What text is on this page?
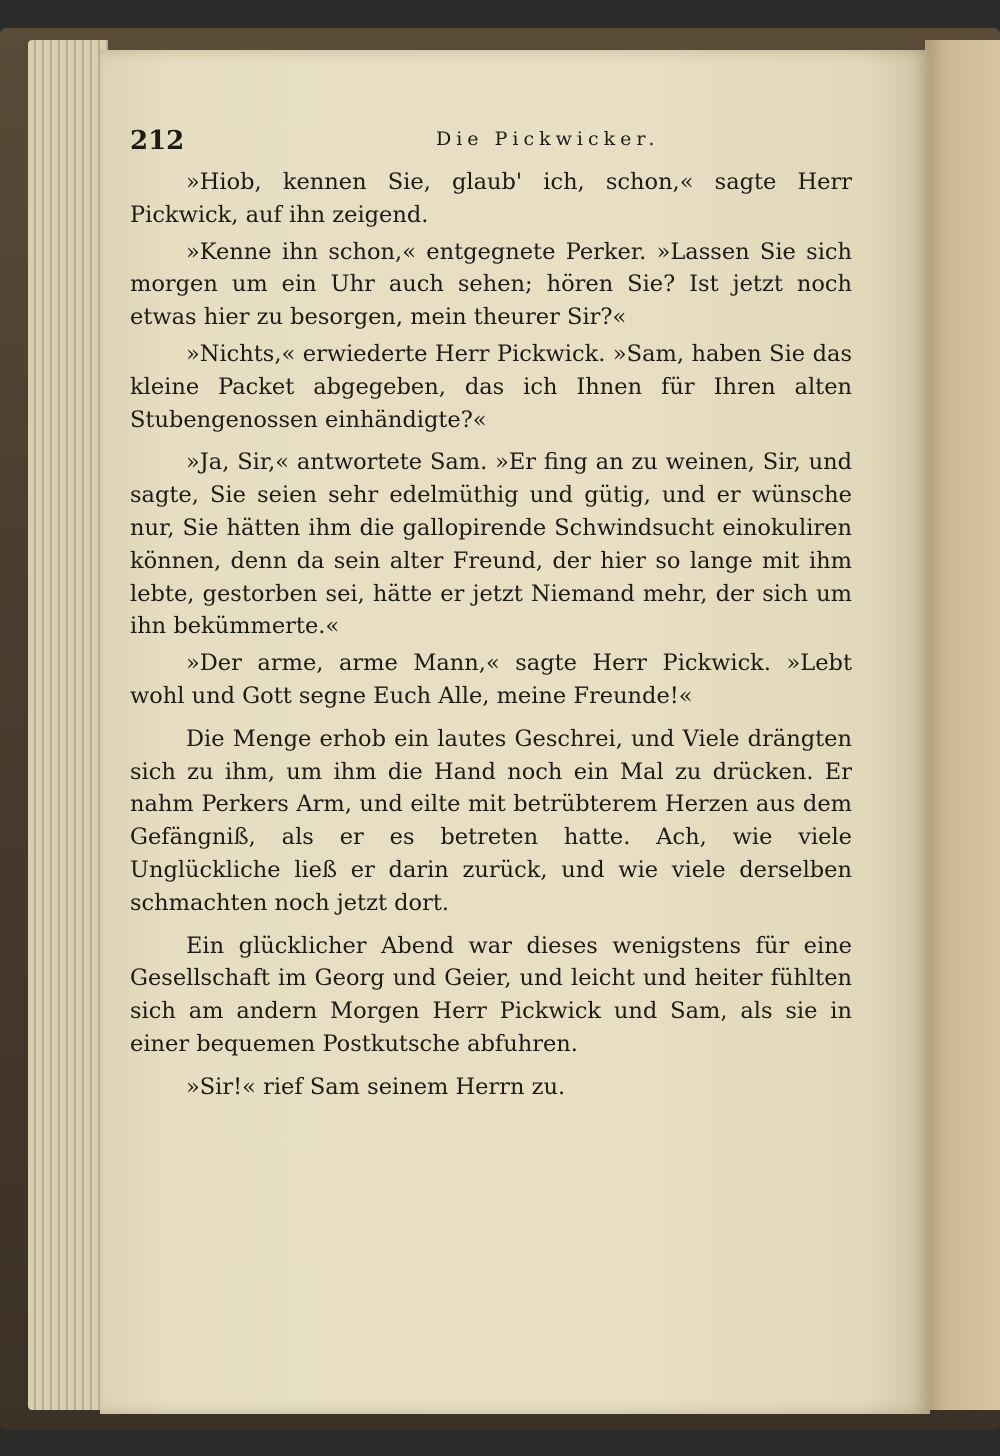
212	Die Pickwicker.

»Hiob, kennen Sie, glaub' ich, schon,« sagte Herr Pickwick, auf ihn zeigend.

»Kenne ihn schon,« entgegnete Perker. »Lassen Sie sich morgen um ein Uhr auch sehen; hören Sie? Ist jetzt noch etwas hier zu besorgen, mein theurer Sir?«

»Nichts,« erwiederte Herr Pickwick. »Sam, haben Sie das kleine Packet abgegeben, das ich Ihnen für Ihren alten Stubengenossen einhändigte?«

»Ja, Sir,« antwortete Sam. »Er fing an zu weinen, Sir, und sagte, Sie seien sehr edelmüthig und gütig, und er wünsche nur, Sie hätten ihm die gallopirende Schwindsucht einokuliren können, denn da sein alter Freund, der hier so lange mit ihm lebte, gestorben sei, hätte er jetzt Niemand mehr, der sich um ihn bekümmerte.«

»Der arme, arme Mann,« sagte Herr Pickwick. »Lebt wohl und Gott segne Euch Alle, meine Freunde!«

Die Menge erhob ein lautes Geschrei, und Viele drängten sich zu ihm, um ihm die Hand noch ein Mal zu drücken. Er nahm Perkers Arm, und eilte mit betrübterem Herzen aus dem Gefängniß, als er es betreten hatte. Ach, wie viele Unglückliche ließ er darin zurück, und wie viele derselben schmachten noch jetzt dort.

Ein glücklicher Abend war dieses wenigstens für eine Gesellschaft im Georg und Geier, und leicht und heiter fühlten sich am andern Morgen Herr Pickwick und Sam, als sie in einer bequemen Postkutsche abfuhren.

»Sir!« rief Sam seinem Herrn zu.
